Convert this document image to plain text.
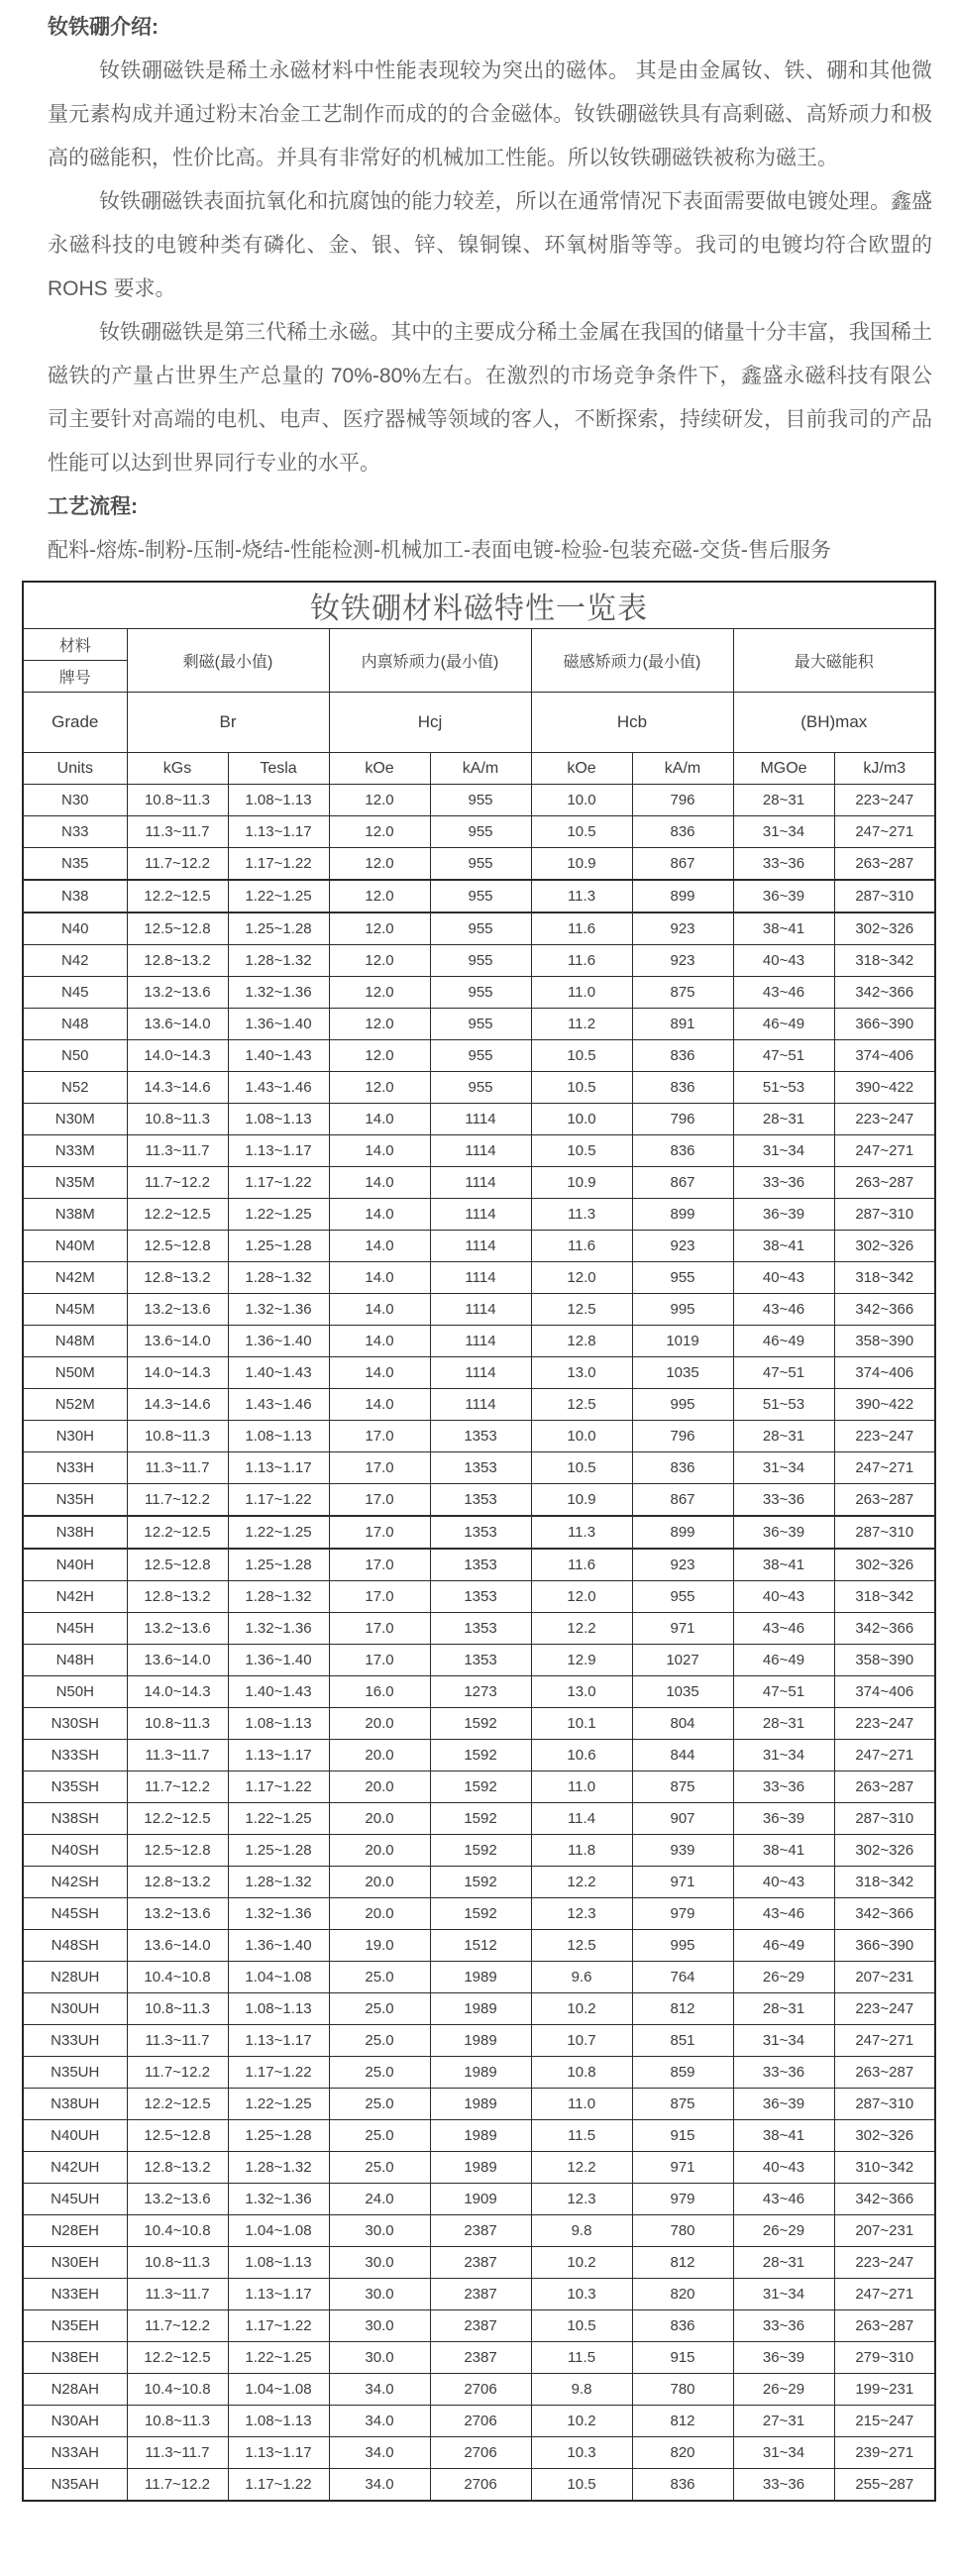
钕铁硼介绍:

钕铁硼磁铁是稀土永磁材料中性能表现较为突出的磁体。 其是由金属钕、铁、硼和其他微量元素构成并通过粉末冶金工艺制作而成的的合金磁体。钕铁硼磁铁具有高剩磁、高矫顽力和极高的磁能积，性价比高。并具有非常好的机械加工性能。所以钕铁硼磁铁被称为磁王。

钕铁硼磁铁表面抗氧化和抗腐蚀的能力较差，所以在通常情况下表面需要做电镀处理。鑫盛永磁科技的电镀种类有磷化、金、银、锌、镍铜镍、环氧树脂等等。我司的电镀均符合欧盟的 ROHS 要求。

钕铁硼磁铁是第三代稀土永磁。其中的主要成分稀土金属在我国的储量十分丰富，我国稀土磁铁的产量占世界生产总量的 70%-80%左右。在激烈的市场竞争条件下，鑫盛永磁科技有限公司主要针对高端的电机、电声、医疗器械等领域的客人，不断探索，持续研发，目前我司的产品性能可以达到世界同行专业的水平。

工艺流程:

配料-熔炼-制粉-压制-烧结-性能检测-机械加工-表面电镀-检验-包装充磁-交货-售后服务

钕铁硼材料磁特性一览表								
材料	剩磁(最小值)		内禀矫顽力(最小值)		磁感矫顽力(最小值)		最大磁能积	
牌号								
Grade	Br		Hcj		Hcb		(BH)max	
Units	kGs	Tesla	kOe	kA/m	kOe	kA/m	MGOe	kJ/m3
N30	10.8~11.3	1.08~1.13	12.0	955	10.0	796	28~31	223~247
N33	11.3~11.7	1.13~1.17	12.0	955	10.5	836	31~34	247~271
N35	11.7~12.2	1.17~1.22	12.0	955	10.9	867	33~36	263~287
N38	12.2~12.5	1.22~1.25	12.0	955	11.3	899	36~39	287~310
N40	12.5~12.8	1.25~1.28	12.0	955	11.6	923	38~41	302~326
N42	12.8~13.2	1.28~1.32	12.0	955	11.6	923	40~43	318~342
N45	13.2~13.6	1.32~1.36	12.0	955	11.0	875	43~46	342~366
N48	13.6~14.0	1.36~1.40	12.0	955	11.2	891	46~49	366~390
N50	14.0~14.3	1.40~1.43	12.0	955	10.5	836	47~51	374~406
N52	14.3~14.6	1.43~1.46	12.0	955	10.5	836	51~53	390~422
N30M	10.8~11.3	1.08~1.13	14.0	1114	10.0	796	28~31	223~247
N33M	11.3~11.7	1.13~1.17	14.0	1114	10.5	836	31~34	247~271
N35M	11.7~12.2	1.17~1.22	14.0	1114	10.9	867	33~36	263~287
N38M	12.2~12.5	1.22~1.25	14.0	1114	11.3	899	36~39	287~310
N40M	12.5~12.8	1.25~1.28	14.0	1114	11.6	923	38~41	302~326
N42M	12.8~13.2	1.28~1.32	14.0	1114	12.0	955	40~43	318~342
N45M	13.2~13.6	1.32~1.36	14.0	1114	12.5	995	43~46	342~366
N48M	13.6~14.0	1.36~1.40	14.0	1114	12.8	1019	46~49	358~390
N50M	14.0~14.3	1.40~1.43	14.0	1114	13.0	1035	47~51	374~406
N52M	14.3~14.6	1.43~1.46	14.0	1114	12.5	995	51~53	390~422
N30H	10.8~11.3	1.08~1.13	17.0	1353	10.0	796	28~31	223~247
N33H	11.3~11.7	1.13~1.17	17.0	1353	10.5	836	31~34	247~271
N35H	11.7~12.2	1.17~1.22	17.0	1353	10.9	867	33~36	263~287
N38H	12.2~12.5	1.22~1.25	17.0	1353	11.3	899	36~39	287~310
N40H	12.5~12.8	1.25~1.28	17.0	1353	11.6	923	38~41	302~326
N42H	12.8~13.2	1.28~1.32	17.0	1353	12.0	955	40~43	318~342
N45H	13.2~13.6	1.32~1.36	17.0	1353	12.2	971	43~46	342~366
N48H	13.6~14.0	1.36~1.40	17.0	1353	12.9	1027	46~49	358~390
N50H	14.0~14.3	1.40~1.43	16.0	1273	13.0	1035	47~51	374~406
N30SH	10.8~11.3	1.08~1.13	20.0	1592	10.1	804	28~31	223~247
N33SH	11.3~11.7	1.13~1.17	20.0	1592	10.6	844	31~34	247~271
N35SH	11.7~12.2	1.17~1.22	20.0	1592	11.0	875	33~36	263~287
N38SH	12.2~12.5	1.22~1.25	20.0	1592	11.4	907	36~39	287~310
N40SH	12.5~12.8	1.25~1.28	20.0	1592	11.8	939	38~41	302~326
N42SH	12.8~13.2	1.28~1.32	20.0	1592	12.2	971	40~43	318~342
N45SH	13.2~13.6	1.32~1.36	20.0	1592	12.3	979	43~46	342~366
N48SH	13.6~14.0	1.36~1.40	19.0	1512	12.5	995	46~49	366~390
N28UH	10.4~10.8	1.04~1.08	25.0	1989	9.6	764	26~29	207~231
N30UH	10.8~11.3	1.08~1.13	25.0	1989	10.2	812	28~31	223~247
N33UH	11.3~11.7	1.13~1.17	25.0	1989	10.7	851	31~34	247~271
N35UH	11.7~12.2	1.17~1.22	25.0	1989	10.8	859	33~36	263~287
N38UH	12.2~12.5	1.22~1.25	25.0	1989	11.0	875	36~39	287~310
N40UH	12.5~12.8	1.25~1.28	25.0	1989	11.5	915	38~41	302~326
N42UH	12.8~13.2	1.28~1.32	25.0	1989	12.2	971	40~43	310~342
N45UH	13.2~13.6	1.32~1.36	24.0	1909	12.3	979	43~46	342~366
N28EH	10.4~10.8	1.04~1.08	30.0	2387	9.8	780	26~29	207~231
N30EH	10.8~11.3	1.08~1.13	30.0	2387	10.2	812	28~31	223~247
N33EH	11.3~11.7	1.13~1.17	30.0	2387	10.3	820	31~34	247~271
N35EH	11.7~12.2	1.17~1.22	30.0	2387	10.5	836	33~36	263~287
N38EH	12.2~12.5	1.22~1.25	30.0	2387	11.5	915	36~39	279~310
N28AH	10.4~10.8	1.04~1.08	34.0	2706	9.8	780	26~29	199~231
N30AH	10.8~11.3	1.08~1.13	34.0	2706	10.2	812	27~31	215~247
N33AH	11.3~11.7	1.13~1.17	34.0	2706	10.3	820	31~34	239~271
N35AH	11.7~12.2	1.17~1.22	34.0	2706	10.5	836	33~36	255~287
